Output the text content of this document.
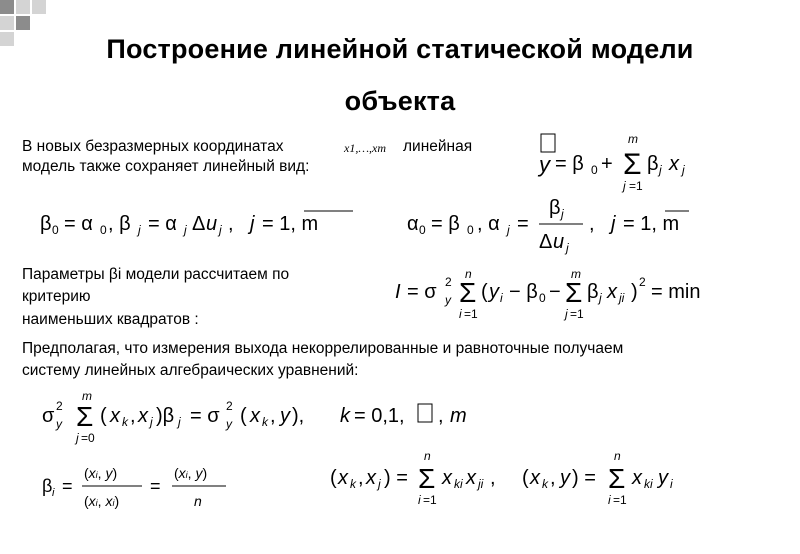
Построение линейной статической модели
объекта
В новых безразмерных координатах	x1,…,xm линейная
модель также сохраняет линейный вид:	y = β 0 +
m
Σ
j =1
β j x j
β 0 = α 0 , β j = α j Δ u j , j = 1, m	α 0 = β 0 , α j =
β j
Δ u j
, j = 1, m
Параметры βi модели рассчитаем по
критерию
наименьших квадратов :
I = σ y
2
n
Σ
i =1
( y i − β 0 −
m
Σ
j =1
β j x ji ) 2 = min
Предполагая, что измерения выхода некоррелированные и равноточные получаем
систему линейных алгебраических уравнений:
σ y
2
m
Σ
j =0
( x k , x j )β j = σ y
2 ( x k , y ), k = 0,1, , m
β i =
(xi, y)
(xi, xi)
=
(xi, y)
n
( x k , x j ) =
n
Σ
i =1
x ki x ji , ( x k , y ) =
n
Σ
i =1
x ki y i
